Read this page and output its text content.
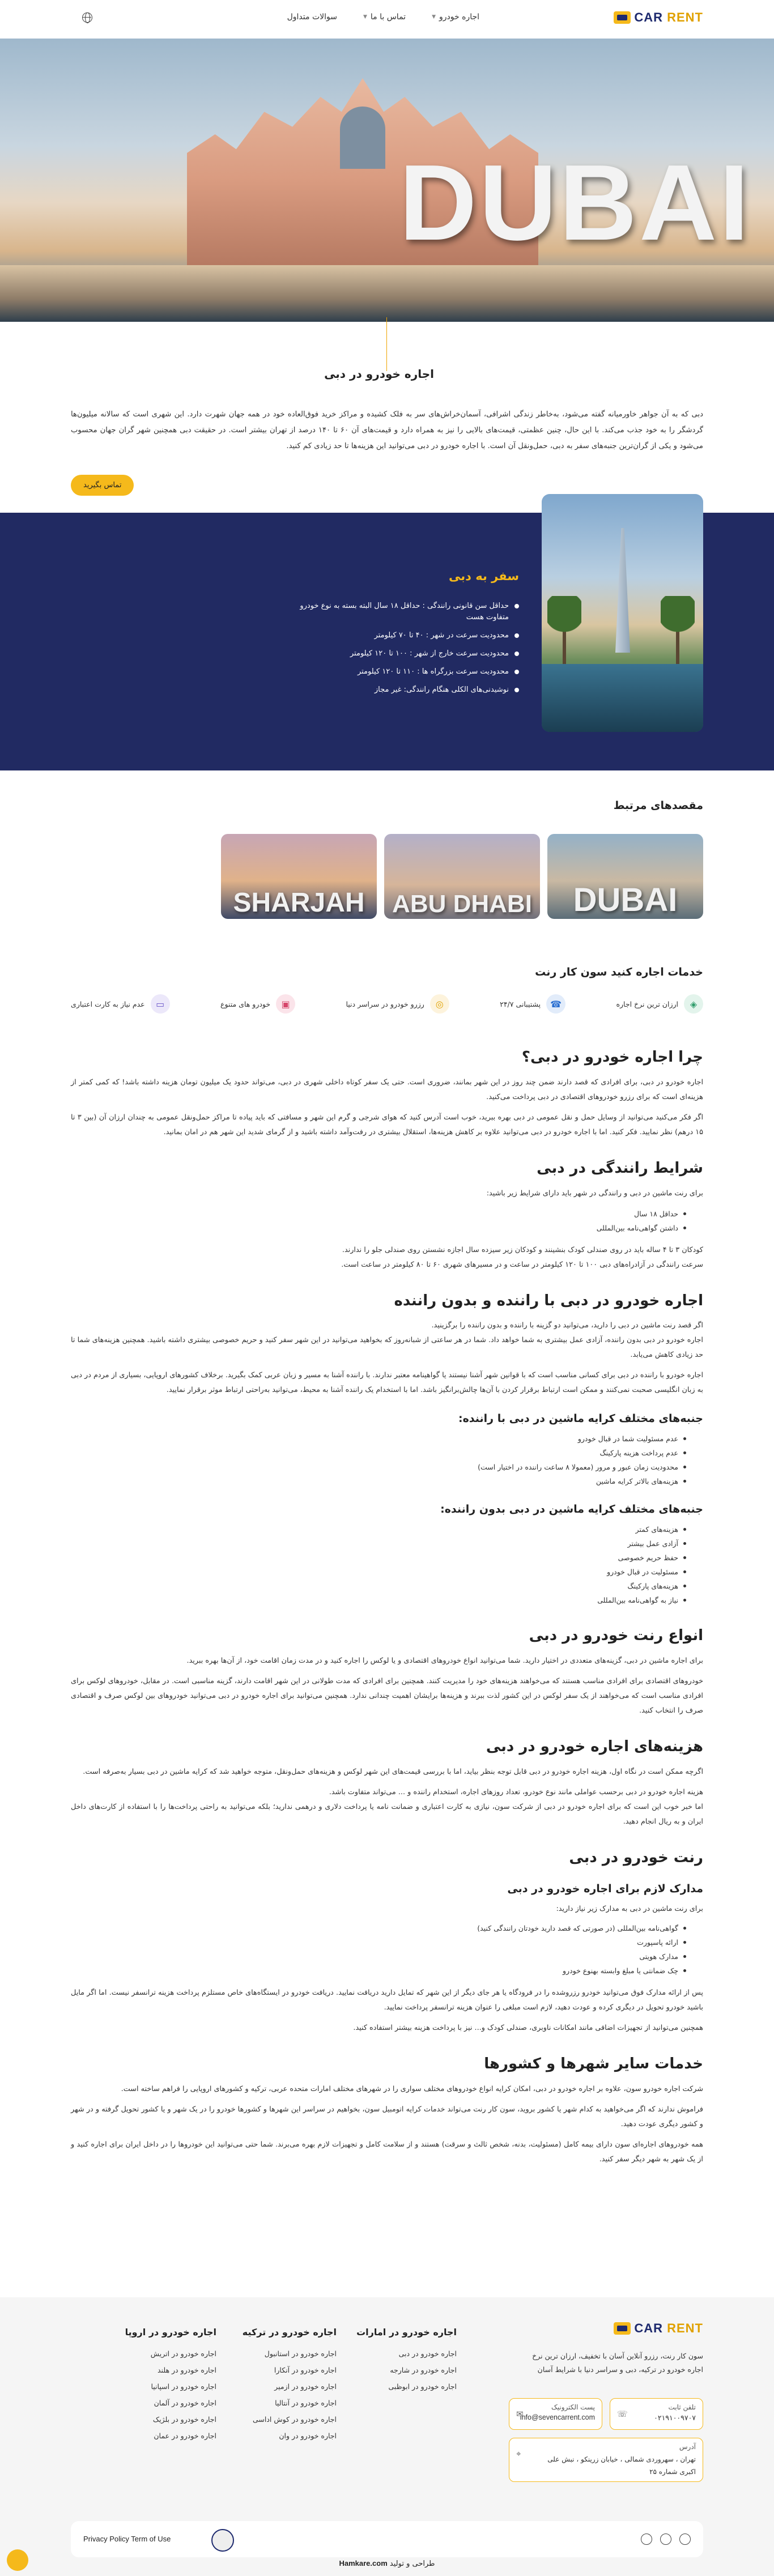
CAR RENT
اجاره خودرو
▼
تماس با ما
▼
سوالات متداول
DUBAI
اجاره خودرو در دبی

دبی که به آن جواهر خاورمیانه گفته می‌شود، به‌خاطر زندگی اشرافی، آسمان‌خراش‌های سر به فلک کشیده و مراکز خرید فوق‌العاده خود در همه جهان شهرت دارد. این شهری است که سالانه میلیون‌ها گردشگر را به خود جذب می‌کند. با این حال، چنین عظمتی، قیمت‌های بالایی را نیز به همراه دارد و قیمت‌های آن ۶۰ تا ۱۴۰ درصد از تهران بیشتر است. در حقیقت دبی همچنین شهر گران جهان محسوب می‌شود و یکی از گران‌ترین جنبه‌های سفر به دبی، حمل‌ونقل آن است. با اجاره خودرو در دبی می‌توانید این هزینه‌ها تا حد زیادی کم کنید.

تماس بگیرید
سفر به دبی
حداقل سن قانونی رانندگی : حداقل ۱۸ سال البته بسته به نوع خودرو متفاوت هست
محدودیت سرعت در شهر : ۴۰ تا ۷۰ کیلومتر
محدودیت سرعت خارج از شهر : ۱۰۰ تا ۱۲۰ کیلومتر
محدودیت سرعت بزرگراه ها : ۱۱۰ تا ۱۲۰ کیلومتر
نوشیدنی‌های الکلی هنگام رانندگی: غیر مجاز
مقصدهای مرتبط
DUBAI
ABU DHABI
SHARJAH
خدمات اجاره کنید سون کار رنت
◈
ارزان ترین نرخ اجاره
☎
پشتیبانی ۲۴/۷
◎
رزرو خودرو در سراسر دنیا
▣
خودرو های متنوع
▭
عدم نیاز به کارت اعتباری
چرا اجاره خودرو در دبی؟

اجاره خودرو در دبی، برای افرادی که قصد دارند ضمن چند روز در این شهر بمانند، ضروری است. حتی یک سفر کوتاه داخلی شهری در دبی، می‌تواند حدود یک میلیون تومان هزینه داشته باشد! که کمی کمتر از هزینه‌ای است که برای رزرو خودروهای اقتصادی در دبی پرداخت می‌کنید.

اگر فکر می‌کنید می‌توانید از وسایل حمل و نقل عمومی در دبی بهره ببرید، خوب است آدرس کنید که هوای شرجی و گرم این شهر و مسافتی که باید پیاده تا مراکز حمل‌ونقل عمومی به چندان ارزان آن (بین ۳ تا ۱۵ درهم) نظر نمایید. فکر کنید. اما با اجاره خودرو در دبی می‌توانید علاوه بر کاهش هزینه‌ها، استقلال بیشتری در رفت‌وآمد داشته باشید و از گرمای شدید این شهر هم در امان بمانید.

شرایط رانندگی در دبی

برای رنت ماشین در دبی و رانندگی در شهر باید دارای شرایط زیر باشید:

حداقل ۱۸ سال
داشتن گواهی‌نامه بین‌المللی

کودکان ۳ تا ۴ ساله باید در روی صندلی کودک بنشینند و کودکان زیر سیزده سال اجازه نشستن روی صندلی جلو را ندارند.

سرعت رانندگی در آزادراه‌های دبی ۱۰۰ تا ۱۲۰ کیلومتر در ساعت و در مسیرهای شهری ۶۰ تا ۸۰ کیلومتر در ساعت است.

اجاره خودرو در دبی با راننده و بدون راننده

اگر قصد رنت ماشین در دبی را دارید، می‌توانید دو گزینه با راننده و بدون راننده را برگزینید.

اجاره خودرو در دبی بدون راننده، آزادی عمل بیشتری به شما خواهد داد. شما در هر ساعتی از شبانه‌روز که بخواهید می‌توانید در این شهر سفر کنید و حریم خصوصی بیشتری داشته باشید. همچنین هزینه‌های شما تا حد زیادی کاهش می‌یابد.

اجاره خودرو با راننده در دبی برای کسانی مناسب است که با قوانین شهر آشنا نیستند یا گواهینامه معتبر ندارند. با راننده آشنا به مسیر و زبان عربی کمک بگیرید. برخلاف کشورهای اروپایی، بسیاری از مردم در دبی به زبان انگلیسی صحبت نمی‌کنند و ممکن است ارتباط برقرار کردن با آن‌ها چالش‌برانگیز باشد. اما با استخدام یک راننده آشنا به محیط، می‌توانید به‌راحتی ارتباط موثر برقرار نمایید.

جنبه‌های مختلف کرایه ماشین در دبی با راننده:
عدم مسئولیت شما در قبال خودرو
عدم پرداخت هزینه پارکینگ
محدودیت زمان عبور و مرور (معمولا ۸ ساعت راننده در اختیار است)
هزینه‌های بالاتر کرایه ماشین
جنبه‌های مختلف کرایه ماشین در دبی بدون راننده:
هزینه‌های کمتر
آزادی عمل بیشتر
حفظ حریم خصوصی
مسئولیت در قبال خودرو
هزینه‌های پارکینگ
نیاز به گواهی‌نامه بین‌المللی
انواع رنت خودرو در دبی

برای اجاره ماشین در دبی، گزینه‌های متعددی در اختیار دارید. شما می‌توانید انواع خودروهای اقتصادی و یا لوکس را اجاره کنید و در مدت زمان اقامت خود، از آن‌ها بهره ببرید.

خودروهای اقتصادی برای افرادی مناسب هستند که می‌خواهند هزینه‌های خود را مدیریت کنند. همچنین برای افرادی که مدت طولانی در این شهر اقامت دارند، گزینه مناسبی است. در مقابل، خودروهای لوکس برای افرادی مناسب است که می‌خواهند از یک سفر لوکس در این کشور لذت ببرند و هزینه‌ها برایشان اهمیت چندانی ندارد. همچنین می‌توانید برای اجاره خودرو در دبی می‌توانید خودروهای بین لوکس صرف و اقتصادی صرف را انتخاب کنید.

هزینه‌های اجاره خودرو در دبی

اگرچه ممکن است در نگاه اول، هزینه اجاره خودرو در دبی قابل توجه بنظر بیاید، اما با بررسی قیمت‌های این شهر لوکس و هزینه‌های حمل‌ونقل، متوجه خواهید شد که کرایه ماشین در دبی بسیار به‌صرفه است.

هزینه اجاره خودرو در دبی برحسب عواملی مانند نوع خودرو، تعداد روزهای اجاره، استخدام راننده و ... می‌تواند متفاوت باشد.

اما خبر خوب این است که برای اجاره خودرو در دبی از شرکت سون، نیازی به کارت اعتباری و ضمانت نامه یا پرداخت دلاری و درهمی ندارید؛ بلکه می‌توانید به راحتی پرداخت‌ها را با استفاده از کارت‌های داخل ایران و به ریال انجام دهید.

رنت خودرو در دبی
مدارک لازم برای اجاره خودرو در دبی

برای رنت ماشین در دبی به مدارک زیر نیاز دارید:

گواهی‌نامه بین‌المللی (در صورتی که قصد دارید خودتان رانندگی کنید)
ارائه پاسپورت
مدارک هویتی
چک ضمانتی یا مبلغ وابسته بهنوع خودرو

پس از ارائه مدارک فوق می‌توانید خودرو رزروشده را در فرودگاه یا هر جای دیگر از این شهر که تمایل دارید دریافت نمایید. دریافت خودرو در ایستگاه‌های خاص مستلزم پرداخت هزینه ترانسفر نیست. اما اگر مایل باشید خودرو تحویل در دیگری کرده و عودت دهید، لازم است مبلغی را عنوان هزینه ترانسفر پرداخت نمایید.

همچنین می‌توانید از تجهیزات اضافی مانند امکانات ناوبری، صندلی کودک و... نیز با پرداخت هزینه بیشتر استفاده کنید.

خدمات سایر شهرها و کشورها

شرکت اجاره خودرو سون، علاوه بر اجاره خودرو در دبی، امکان کرایه انواع خودروهای مختلف سواری را در شهرهای مختلف امارات متحده عربی، ترکیه و کشورهای اروپایی را فراهم ساخته است.

فراموش ندارند که اگر می‌خواهید به کدام شهر یا کشور بروید، سون کار رنت می‌تواند خدمات کرایه اتومبیل سون، بخواهیم در سراسر این شهرها و کشورها خودرو را در یک شهر و یا کشور تحویل گرفته و در شهر و کشور دیگری عودت دهید.

همه خودروهای اجاره‌ای سون دارای بیمه کامل (مسئولیت، بدنه، شخص ثالث و سرقت) هستند و از سلامت کامل و تجهیزات لازم بهره می‌برند. شما حتی می‌توانید این خودروها را در داخل ایران برای اجاره کنید و از یک شهر به شهر دیگر سفر کنید.

CAR RENT

سون کار رنت، رزرو آنلاین آسان با تخفیف، ارزان ترین نرخ اجاره خودرو در ترکیه، دبی و سراسر دنیا با شرایط آسان

تلفن ثابت
۰۲۱۹۱۰۰۹۷۰۷
☏
پست الکترونیک
info@sevencarrent.com
✉
آدرس
تهران ، سهروردی شمالی ، خیابان زرینکو ، نبش علی اکبری شماره ۲۵
⌖
اجاره خودرو در امارات
اجاره خودرو در دبی
اجاره خودرو در شارجه
اجاره خودرو در ابوظبی
اجاره خودرو در ترکیه
اجاره خودرو در استانبول
اجاره خودرو در آنکارا
اجاره خودرو در ازمیر
اجاره خودرو در آنتالیا
اجاره خودرو در کوش اداسی
اجاره خودرو در وان
اجاره خودرو در اروپا
اجاره خودرو در اتریش
اجاره خودرو در هلند
اجاره خودرو در اسپانیا
اجاره خودرو در آلمان
اجاره خودرو در بلژیک
اجاره خودرو در عمان
Privacy Policy Term of Use
طراحی و تولید Hamkare.com
